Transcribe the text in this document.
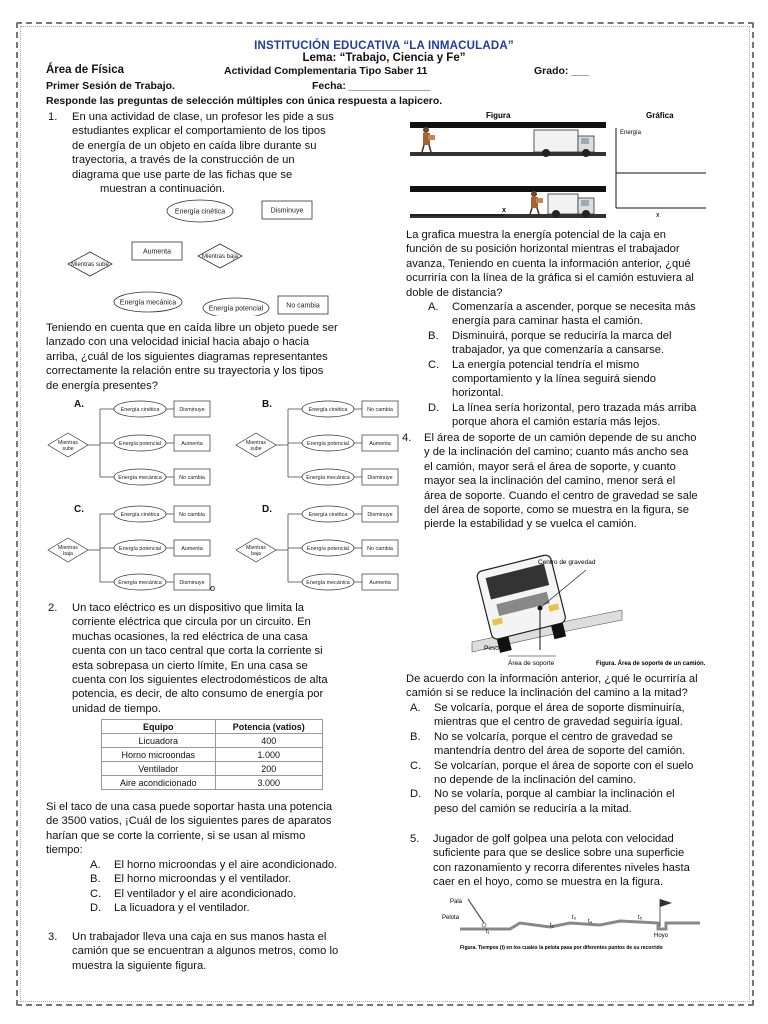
INSTITUCIÓN EDUCATIVA “LA INMACULADA”
Lema: “Trabajo, Ciencia y Fe”
Área de Física	Actividad Complementaria Tipo Saber 11	Grado: ___
Primer Sesión de Trabajo.	Fecha: ______________
Responde las preguntas de selección múltiples con única respuesta a lapicero.
1. En una actividad de clase, un profesor les pide a sus
estudiantes explicar el comportamiento de los tipos
de energía de un objeto en caída libre durante su
trayectoria, a través de la construcción de un
diagrama que use parte de las fichas que se
muestran a continuación.
Energía cinética	Disminuye
Aumenta
Mientras sube
Mientras baja
Energía mecánica
Energía potencial	No cambia
Teniendo en cuenta que en caída libre un objeto puede ser
lanzado con una velocidad inicial hacia abajo o hacia
arriba, ¿cuál de los siguientes diagramas representantes
correctamente la relación entre su trayectoria y los tipos
de energía presentes?
A.
Mientras
sube
Energía cinética	Disminuye
Energía potencial	Aumenta
Energía mecánica	No cambia
B.
Mientras
sube
Energía cinética	No cambia
Energía potencial	Aumenta
Energía mecánica	Disminuye
C.
Mientras
baja
Energía cinética	No cambia
Energía potencial	Aumenta
Energía mecánica	Disminuye
D.
Mientras
baja
Energía cinética	Disminuye
Energía potencial	No cambia
Energía mecánica	Aumenta
o
2. Un taco eléctrico es un dispositivo que limita la
corriente eléctrica que circula por un circuito. En
muchas ocasiones, la red eléctrica de una casa
cuenta con un taco central que corta la corriente si
esta sobrepasa un cierto límite, En una casa se
cuenta con los siguientes electrodomésticos de alta
potencia, es decir, de alto consumo de energía por
unidad de tiempo.
Equipo	Potencia (vatios)
Licuadora	400
Horno microondas	1.000
Ventilador	200
Aire acondicionado	3.000
Si el taco de una casa puede soportar hasta una potencia
de 3500 vatios, ¡Cuál de los siguientes pares de aparatos
harían que se corte la corriente, si se usan al mismo
tiempo:
A. El horno microondas y el aire acondicionado.
B. El horno microondas y el ventilador.
C. El ventilador y el aire acondicionado.
D. La licuadora y el ventilador.
3. Un trabajador lleva una caja en sus manos hasta el
camión que se encuentran a algunos metros, como lo
muestra la siguiente figura.
Figura	Gráfica
x
Energía
x
La grafica muestra la energía potencial de la caja en
función de su posición horizontal mientras el trabajador
avanza, Teniendo en cuenta la información anterior, ¿qué
ocurriría con la línea de la gráfica si el camión estuviera al
doble de distancia?
A.	Comenzaría a ascender, porque se necesita más
energía para caminar hasta el camión.
B.	Disminuirá, porque se reduciría la marca del
trabajador, ya que comenzaría a cansarse.
C.	La energía potencial tendría el mismo
comportamiento y la línea seguirá siendo
horizontal.
D.	La línea sería horizontal, pero trazada más arriba
porque ahora el camión estaría más lejos.
4. El área de soporte de un camión depende de su ancho
y de la inclinación del camino; cuanto más ancho sea
el camión, mayor será el área de soporte, y cuanto
mayor sea la inclinación del camino, menor será el
área de soporte. Cuando el centro de gravedad se sale
del área de soporte, como se muestra en la figura, se
pierde la estabilidad y se vuelca el camión.
Centro de gravedad
Peso
Área de soporte	Figura. Área de soporte de un camión.
De acuerdo con la información anterior, ¿qué le ocurriría al
camión si se reduce la inclinación del camino a la mitad?
A.	Se volcaría, porque el área de soporte disminuiría,
mientras que el centro de gravedad seguiría igual.
B.	No se volcaría, porque el centro de gravedad se
mantendría dentro del área de soporte del camión.
C.	Se volcarían, porque el área de soporte con el suelo
no depende de la inclinación del camino.
D.	No se volaría, porque al cambiar la inclinación el
peso del camión se reduciría a la mitad.
5. Jugador de golf golpea una pelota con velocidad
suficiente para que se deslice sobre una superficie
con razonamiento y recorra diferentes niveles hasta
caer en el hoyo, como se muestra en la figura.
Pala
Pelota
Hoyo
t₁
t₂
t₃
t₄
t₅
Figura. Tiempos (t) en los cuales la pelota pasa por diferentes puntos de su recorrido
